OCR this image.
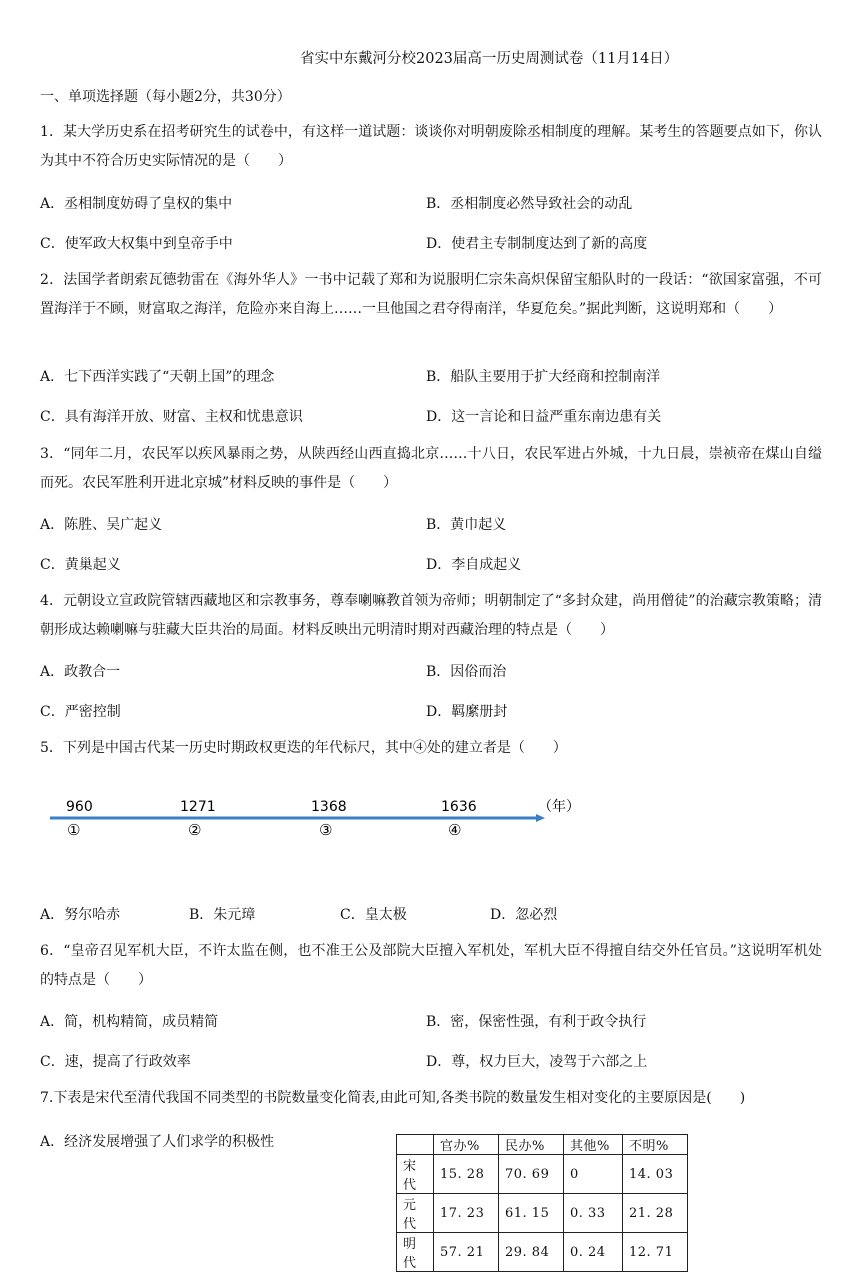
省实中东戴河分校2023届高一历史周测试卷（11月14日）
一、单项选择题（每小题2分，共30分）
1．某大学历史系在招考研究生的试卷中，有这样一道试题：谈谈你对明朝废除丞相制度的理解。某考生的答题要点如下，你认为其中不符合历史实际情况的是（　　）
A．丞相制度妨碍了皇权的集中	B．丞相制度必然导致社会的动乱
C．使军政大权集中到皇帝手中	D．使君主专制制度达到了新的高度
2．法国学者朗索瓦德勃雷在《海外华人》一书中记载了郑和为说服明仁宗朱高炽保留宝船队时的一段话：“欲国家富强，不可置海洋于不顾，财富取之海洋，危险亦来自海上……一旦他国之君夺得南洋，华夏危矣。”据此判断，这说明郑和（　　）
A．七下西洋实践了“天朝上国”的理念	B．船队主要用于扩大经商和控制南洋
C．具有海洋开放、财富、主权和忧患意识	D．这一言论和日益严重东南边患有关
3．“同年二月，农民军以疾风暴雨之势，从陕西经山西直捣北京……十八日，农民军进占外城，十九日晨，崇祯帝在煤山自缢而死。农民军胜利开进北京城”材料反映的事件是（　　）
A．陈胜、吴广起义	B．黄巾起义
C．黄巢起义	D．李自成起义
4．元朝设立宣政院管辖西藏地区和宗教事务，尊奉喇嘛教首领为帝师；明朝制定了“多封众建，尚用僧徒”的治藏宗教策略；清朝形成达赖喇嘛与驻藏大臣共治的局面。材料反映出元明清时期对西藏治理的特点是（　　）
A．政教合一	B．因俗而治
C．严密控制	D．羁縻册封
5．下列是中国古代某一历史时期政权更迭的年代标尺，其中④处的建立者是（　　）
960	1271	1368	1636	（年）
①	②	③	④
A．努尔哈赤	B．朱元璋	C．皇太极	D．忽必烈
6．“皇帝召见军机大臣，不许太监在侧，也不准王公及部院大臣擅入军机处，军机大臣不得擅自结交外任官员。”这说明军机处的特点是（　　）
A．简，机构精简，成员精简	B．密，保密性强，有利于政令执行
C．速，提高了行政效率	D．尊，权力巨大，凌驾于六部之上
7.下表是宋代至清代我国不同类型的书院数量变化简表,由此可知,各类书院的数量发生相对变化的主要原因是(　　)
A．经济发展增强了人们求学的积极性
		官办%	民办%	其他%	不明%
宋代	15. 28	70. 69	0	14. 03
元代	17. 23	61. 15	0. 33	21. 28
明代	57. 21	29. 84	0. 24	12. 71
